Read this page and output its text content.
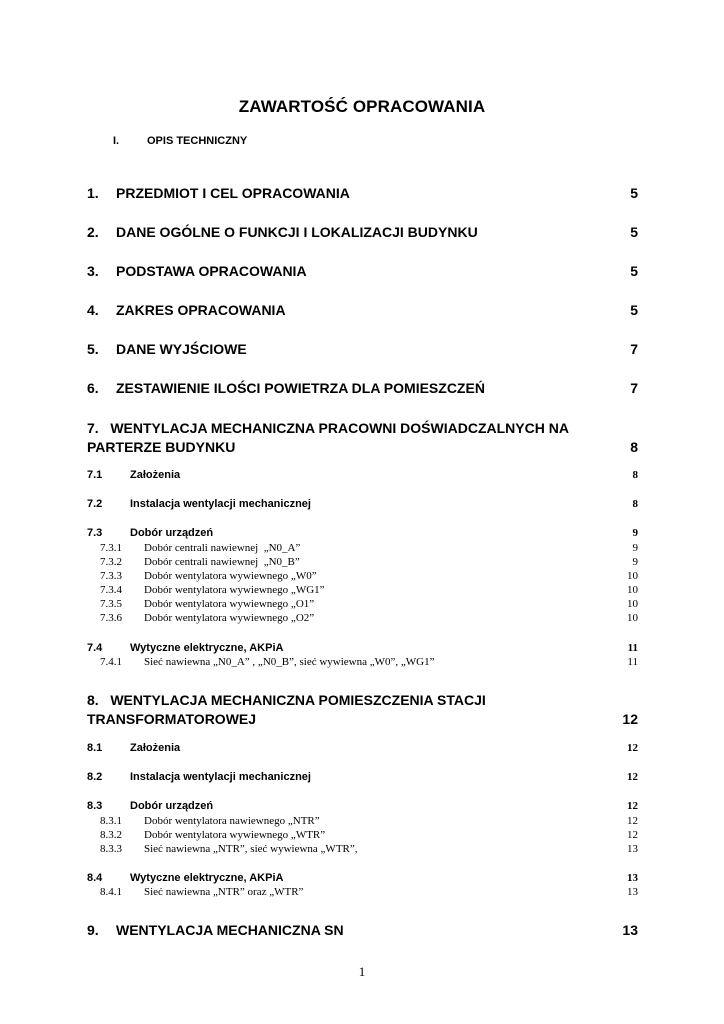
ZAWARTOŚĆ OPRACOWANIA
I.	OPIS TECHNICZNY
1. PRZEDMIOT I CEL OPRACOWANIA	5
2. DANE OGÓLNE O FUNKCJI I LOKALIZACJI BUDYNKU	5
3. PODSTAWA OPRACOWANIA	5
4. ZAKRES OPRACOWANIA	5
5. DANE WYJŚCIOWE	7
6. ZESTAWIENIE ILOŚCI POWIETRZA DLA POMIESZCZEŃ	7
7.   WENTYLACJA MECHANICZNA PRACOWNI DOŚWIADCZALNYCH NA
PARTERZE BUDYNKU	8
7.1	Założenia	8
7.2	Instalacja wentylacji mechanicznej	8
7.3	Dobór urządzeń	9
7.3.1 Dobór centrali nawiewnej  „N0_A”	9
7.3.2 Dobór centrali nawiewnej  „N0_B”	9
7.3.3 Dobór wentylatora wywiewnego „W0”	10
7.3.4 Dobór wentylatora wywiewnego „WG1”	10
7.3.5 Dobór wentylatora wywiewnego „O1”	10
7.3.6 Dobór wentylatora wywiewnego „O2”	10
7.4	Wytyczne elektryczne, AKPiA	11
7.4.1 Sieć nawiewna „N0_A” , „N0_B”, sieć wywiewna „W0”, „WG1”	11
8.   WENTYLACJA MECHANICZNA POMIESZCZENIA STACJI
TRANSFORMATOROWEJ	12
8.1	Założenia	12
8.2	Instalacja wentylacji mechanicznej	12
8.3	Dobór urządzeń	12
8.3.1 Dobór wentylatora nawiewnego „NTR”	12
8.3.2 Dobór wentylatora wywiewnego „WTR”	12
8.3.3 Sieć nawiewna „NTR”, sieć wywiewna „WTR”,	13
8.4	Wytyczne elektryczne, AKPiA	13
8.4.1 Sieć nawiewna „NTR” oraz „WTR”	13
9. WENTYLACJA MECHANICZNA SN	13
1
